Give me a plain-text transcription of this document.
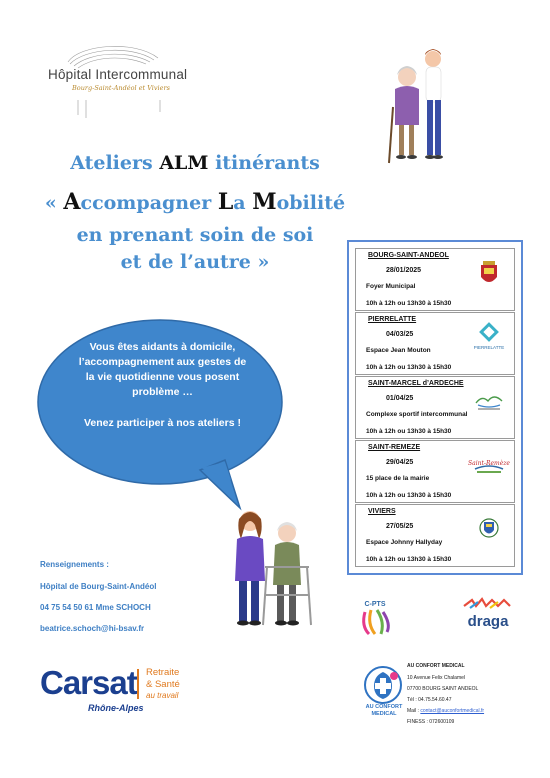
Hôpital Intercommunal
Bourg-Saint-Andéol et Viviers
Ateliers ALM itinérants
« Accompagner La Mobilité
en prenant soin de soi
et de l’autre »
Vous êtes aidants à domicile, l’accompagnement aux gestes de la vie quotidienne vous posent problème …
Venez participer à nos ateliers !
BOURG-SAINT-ANDEOL
28/01/2025
Foyer Municipal
10h à 12h ou 13h30 à 15h30
PIERRELATTE
04/03/25
Espace Jean Mouton
10h à 12h ou 13h30 à 15h30
PIERRELATTE
SAINT-MARCEL d’ARDECHE
01/04/25
Complexe sportif intercommunal
10h à 12h ou 13h30 à 15h30
SAINT-REMEZE
29/04/25
15 place de la mairie
10h à 12h ou 13h30 à 15h30
Saint-Remèze
VIVIERS
27/05/25
Espace Johnny Hallyday
10h à 12h ou 13h30 à 15h30
Renseignements :
Hôpital de Bourg-Saint-Andéol
04 75 54 50 61 Mme SCHOCH
beatrice.schoch@hi-bsav.fr
C-PTS
draga
Carsat Retraite
& Santé
au travail
Rhône-Alpes	AU CONFORT
MEDICAL
AU CONFORT MEDICAL
10 Avenue Felix Chalamel
07700 BOURG SAINT ANDEOL
Tél : 04.75.54.60.47
Mail : contact@auconfortmedical.fr
FINESS : 072600109
